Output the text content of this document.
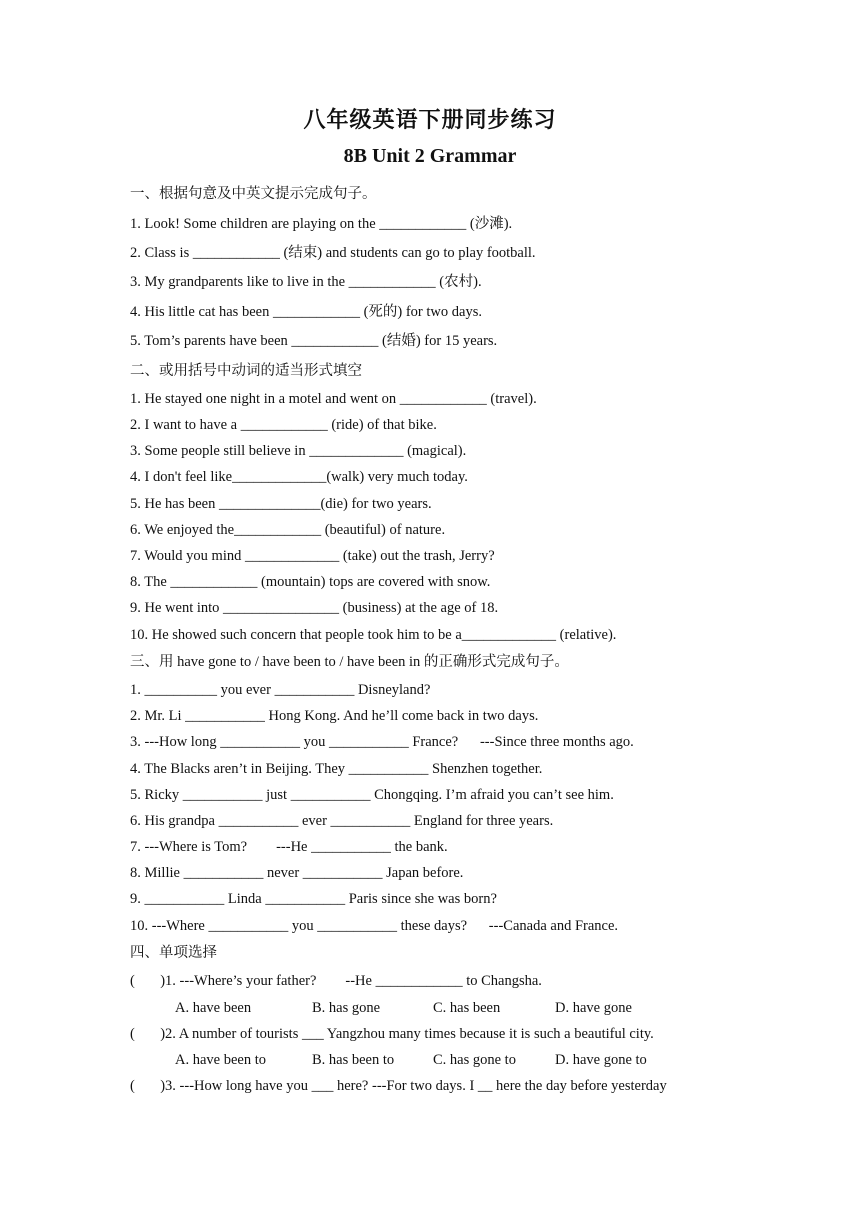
八年级英语下册同步练习
8B Unit 2 Grammar
一、根据句意及中英文提示完成句子。
1. Look! Some children are playing on the ____________ (沙滩).
2. Class is ____________ (结束) and students can go to play football.
3. My grandparents like to live in the ____________ (农村).
4. His little cat has been ____________ (死的) for two days.
5. Tom’s parents have been ____________ (结婚) for 15 years.
二、或用括号中动词的适当形式填空
1. He stayed one night in a motel and went on ____________ (travel).
2. I want to have a ____________ (ride) of that bike.
3. Some people still believe in _____________ (magical).
4. I don't feel like_____________(walk) very much today.
5. He has been ______________(die) for two years.
6. We enjoyed the____________ (beautiful) of nature.
7. Would you mind _____________ (take) out the trash, Jerry?
8. The ____________ (mountain) tops are covered with snow.
9. He went into ________________ (business) at the age of 18.
10. He showed such concern that people took him to be a_____________ (relative).
三、用 have gone to / have been to / have been in 的正确形式完成句子。
1. __________ you ever ___________ Disneyland?
2. Mr. Li ___________ Hong Kong. And he’ll come back in two days.
3. ---How long ___________ you ___________ France?      ---Since three months ago.
4. The Blacks aren’t in Beijing. They ___________ Shenzhen together.
5. Ricky ___________ just ___________ Chongqing. I’m afraid you can’t see him.
6. His grandpa ___________ ever ___________ England for three years.
7. ---Where is Tom?        ---He ___________ the bank.
8. Millie ___________ never ___________ Japan before.
9. ___________ Linda ___________ Paris since she was born?
10. ---Where ___________ you ___________ these days?      ---Canada and France.
四、单项选择
(       )1. ---Where’s your father?        --He ____________ to Changsha.
A. have been	B. has gone	C. has been	D. have gone
(       )2. A number of tourists ___ Yangzhou many times because it is such a beautiful city.
A. have been to	B. has been to	C. has gone to	D. have gone to
(       )3. ---How long have you ___ here? ---For two days. I __ here the day before yesterday
